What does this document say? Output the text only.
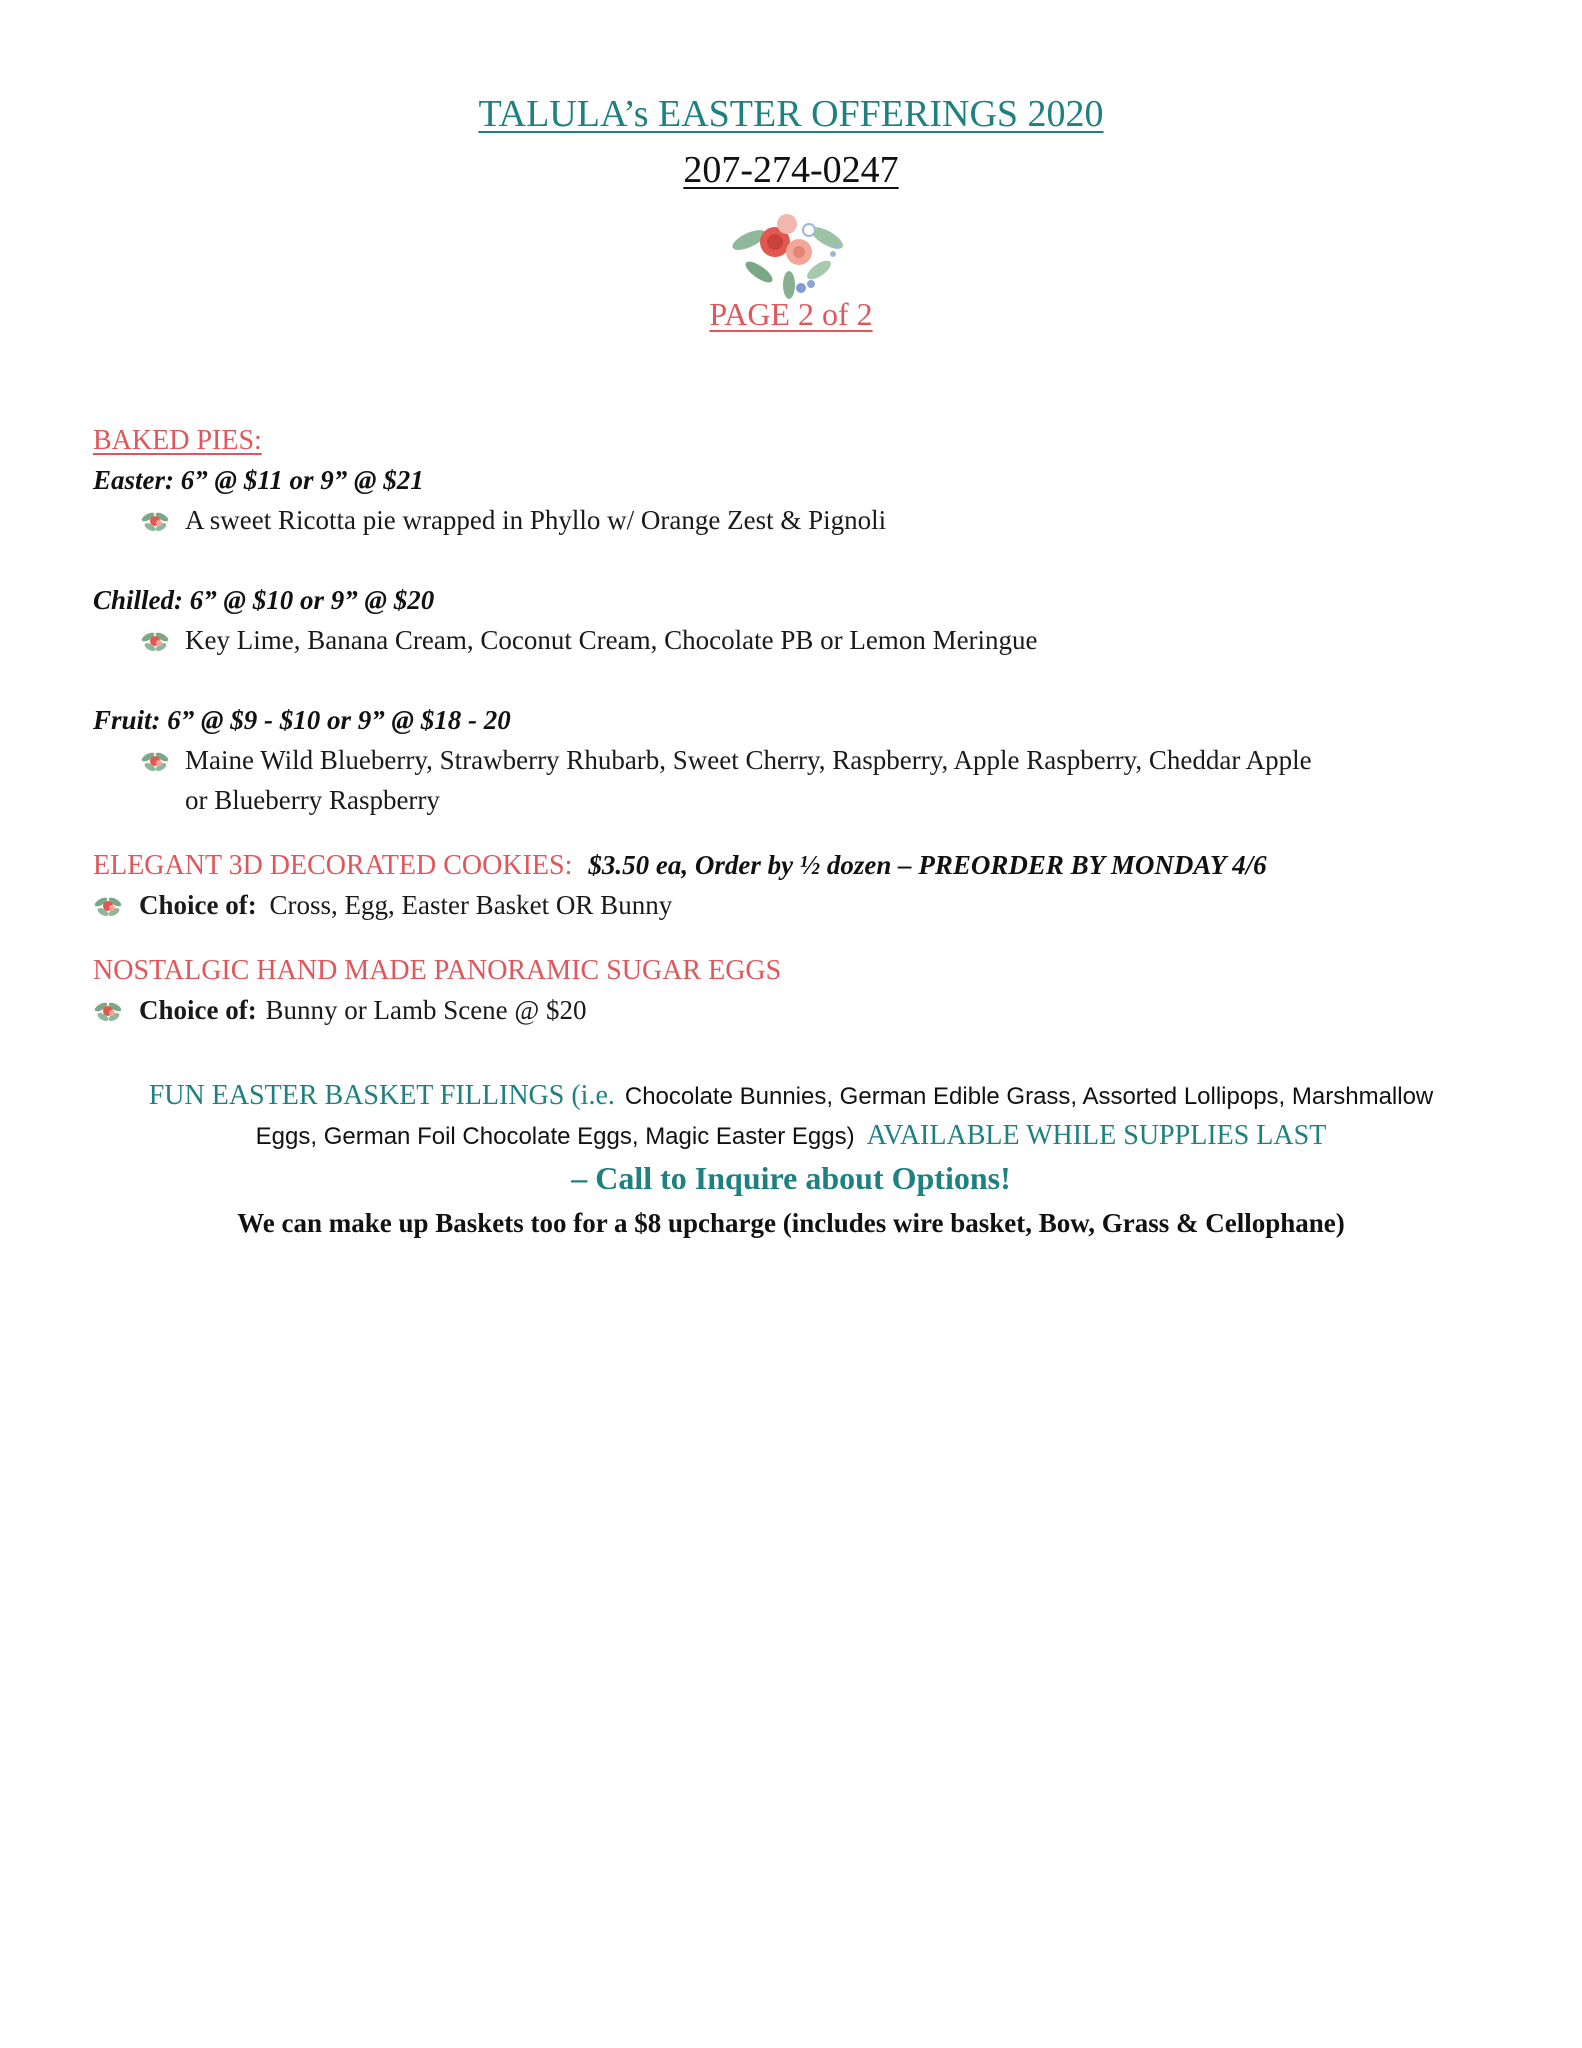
TALULA’s EASTER OFFERINGS 2020
207-274-0247
PAGE 2 of 2
BAKED PIES:
Easter: 6” @ $11 or 9” @ $21
A sweet Ricotta pie wrapped in Phyllo w/ Orange Zest & Pignoli
Chilled: 6” @ $10 or 9” @ $20
Key Lime, Banana Cream, Coconut Cream, Chocolate PB or Lemon Meringue
Fruit: 6” @ $9 - $10 or 9” @ $18 - 20
Maine Wild Blueberry, Strawberry Rhubarb, Sweet Cherry, Raspberry, Apple Raspberry, Cheddar Apple
or Blueberry Raspberry
ELEGANT 3D DECORATED COOKIES: $3.50 ea, Order by ½ dozen – PREORDER BY MONDAY 4/6
Choice of: Cross, Egg, Easter Basket OR Bunny
NOSTALGIC HAND MADE PANORAMIC SUGAR EGGS
Choice of: Bunny or Lamb Scene @ $20
FUN EASTER BASKET FILLINGS (i.e. Chocolate Bunnies, German Edible Grass, Assorted Lollipops, Marshmallow
Eggs, German Foil Chocolate Eggs, Magic Easter Eggs) AVAILABLE WHILE SUPPLIES LAST
– Call to Inquire about Options!
We can make up Baskets too for a $8 upcharge (includes wire basket, Bow, Grass & Cellophane)
